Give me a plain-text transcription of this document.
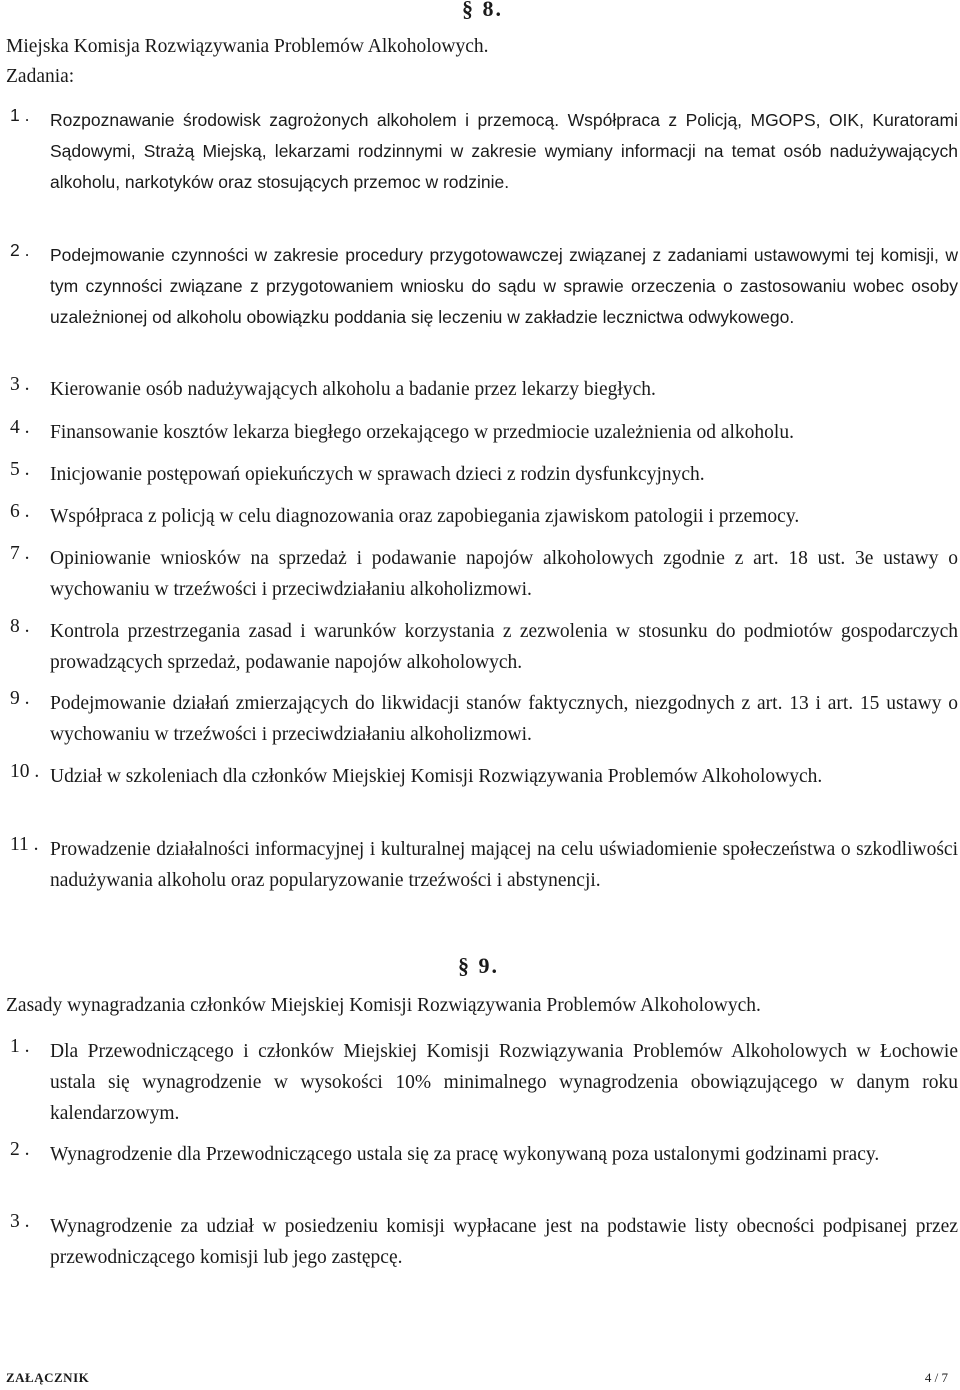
§ 8.
Miejska Komisja Rozwiązywania Problemów Alkoholowych.
Zadania:
1 . Rozpoznawanie środowisk zagrożonych alkoholem i przemocą. Współpraca z Policją, MGOPS, OIK, Kuratorami Sądowymi, Strażą Miejską, lekarzami rodzinnymi w zakresie wymiany informacji na temat osób nadużywających alkoholu, narkotyków oraz stosujących przemoc w rodzinie.
2 . Podejmowanie czynności w zakresie procedury przygotowawczej związanej z zadaniami ustawowymi tej komisji, w tym czynności związane z przygotowaniem wniosku do sądu w sprawie orzeczenia o zastosowaniu wobec osoby uzależnionej od alkoholu obowiązku poddania się leczeniu w zakładzie lecznictwa odwykowego.
3 . Kierowanie osób nadużywających alkoholu a badanie przez lekarzy biegłych.
4 . Finansowanie kosztów lekarza biegłego orzekającego w przedmiocie uzależnienia od alkoholu.
5 . Inicjowanie postępowań opiekuńczych w sprawach dzieci z rodzin dysfunkcyjnych.
6 . Współpraca z policją w celu diagnozowania oraz zapobiegania zjawiskom patologii i przemocy.
7 . Opiniowanie wniosków na sprzedaż i podawanie napojów alkoholowych zgodnie z art. 18 ust. 3e ustawy o wychowaniu w trzeźwości i przeciwdziałaniu alkoholizmowi.
8 . Kontrola przestrzegania zasad i warunków korzystania z zezwolenia w stosunku do podmiotów gospodarczych prowadzących sprzedaż, podawanie napojów alkoholowych.
9 . Podejmowanie działań zmierzających do likwidacji stanów faktycznych, niezgodnych z art. 13 i art. 15 ustawy o wychowaniu w trzeźwości i przeciwdziałaniu alkoholizmowi.
10 . Udział w szkoleniach dla członków Miejskiej Komisji Rozwiązywania Problemów Alkoholowych.
11 . Prowadzenie działalności informacyjnej i kulturalnej mającej na celu uświadomienie społeczeństwa o szkodliwości nadużywania alkoholu oraz popularyzowanie trzeźwości i abstynencji.
§ 9.
Zasady wynagradzania członków Miejskiej Komisji Rozwiązywania Problemów Alkoholowych.
1 . Dla Przewodniczącego i członków Miejskiej Komisji Rozwiązywania Problemów Alkoholowych w Łochowie ustala się wynagrodzenie w wysokości 10% minimalnego wynagrodzenia obowiązującego w danym roku kalendarzowym.
2 . Wynagrodzenie dla Przewodniczącego ustala się za pracę wykonywaną poza ustalonymi godzinami pracy.
3 . Wynagrodzenie za udział w posiedzeniu komisji wypłacane jest na podstawie listy obecności podpisanej przez przewodniczącego komisji lub jego zastępcę.
ZAŁĄCZNIK	4 / 7
